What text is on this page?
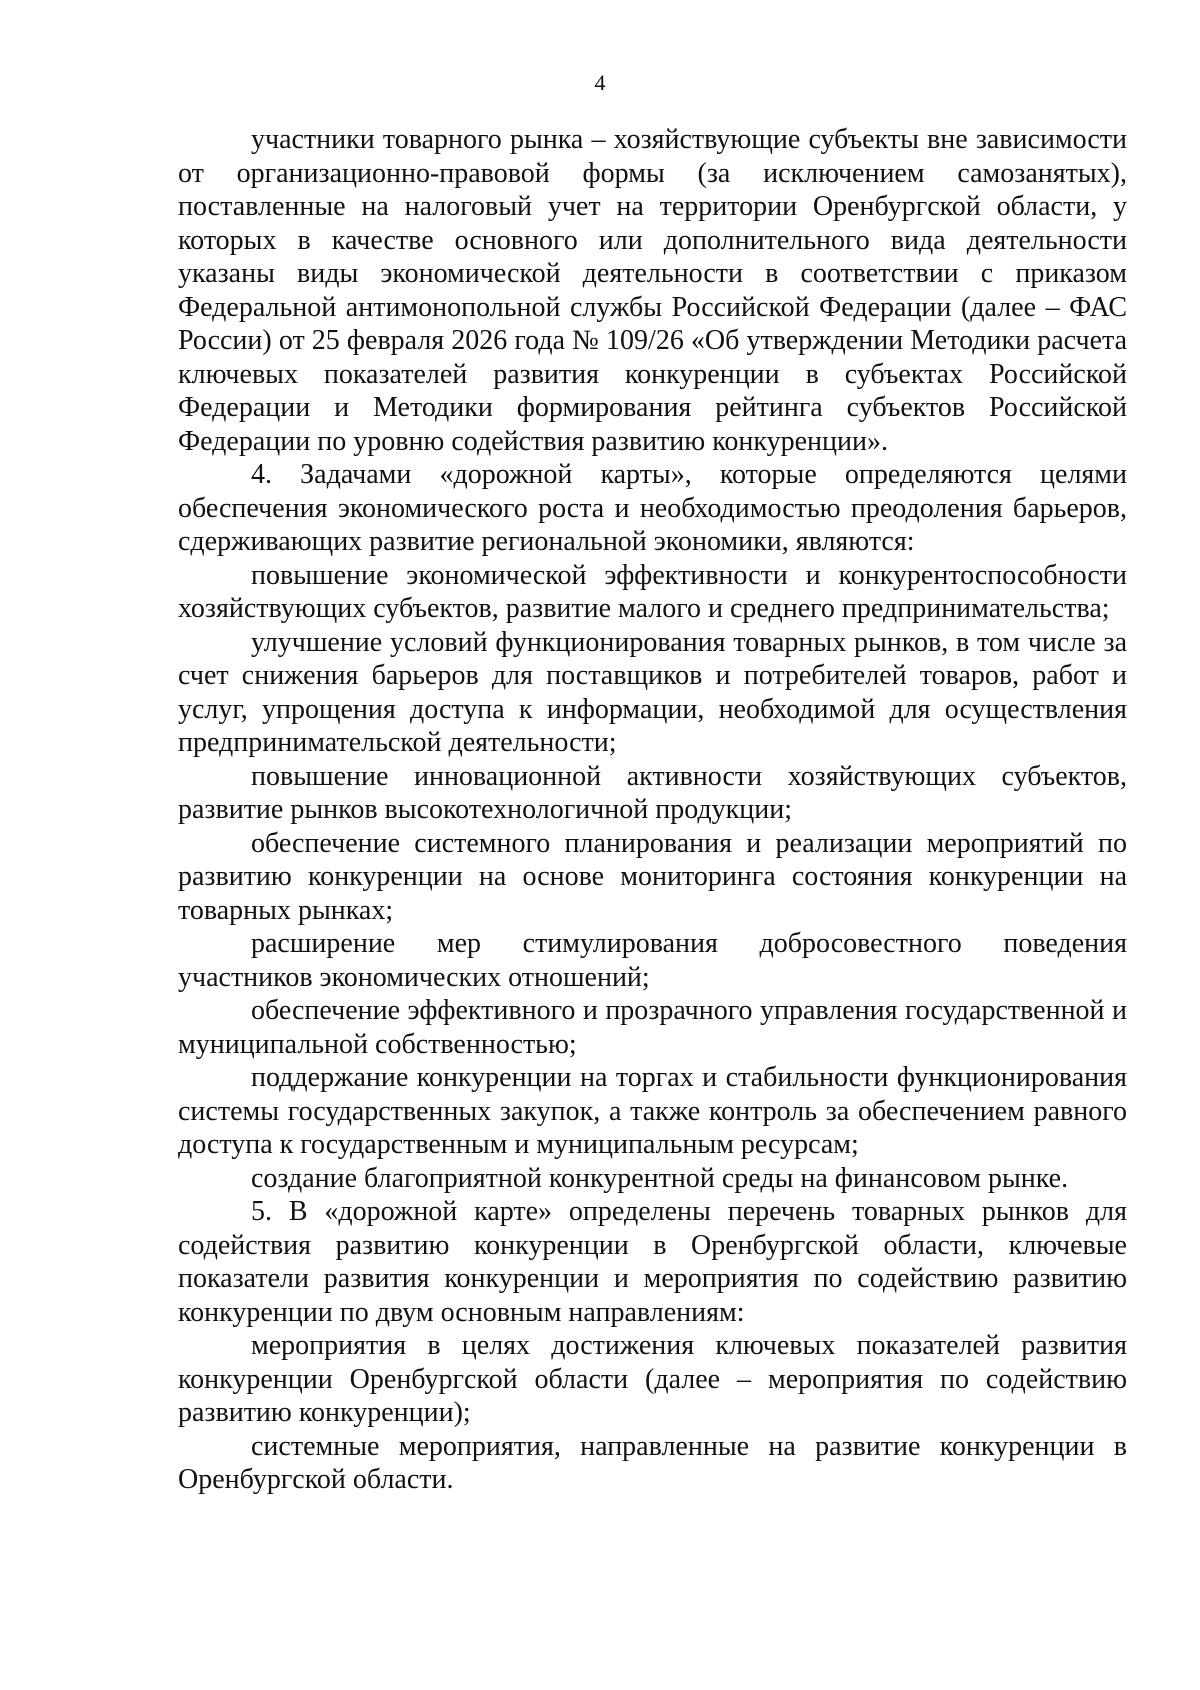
4

участники товарного рынка – хозяйствующие субъекты вне зависимости от организационно-правовой формы (за исключением самозанятых), поставленные на налоговый учет на территории Оренбургской области, у которых в качестве основного или дополнительного вида деятельности указаны виды экономической деятельности в соответствии с приказом Федеральной антимонопольной службы Российской Федерации (далее – ФАС России) от 25 февраля 2026 года № 109/26 «Об утверждении Методики расчета ключевых показателей развития конкуренции в субъектах Российской Федерации и Методики формирования рейтинга субъектов Российской Федерации по уровню содействия развитию конкуренции».

4. Задачами «дорожной карты», которые определяются целями обеспечения экономического роста и необходимостью преодоления барьеров, сдерживающих развитие региональной экономики, являются:

повышение экономической эффективности и конкурентоспособности хозяйствующих субъектов, развитие малого и среднего предпринимательства;

улучшение условий функционирования товарных рынков, в том числе за счет снижения барьеров для поставщиков и потребителей товаров, работ и услуг, упрощения доступа к информации, необходимой для осуществления предпринимательской деятельности;

повышение инновационной активности хозяйствующих субъектов, развитие рынков высокотехнологичной продукции;

обеспечение системного планирования и реализации мероприятий по развитию конкуренции на основе мониторинга состояния конкуренции на товарных рынках;

расширение мер стимулирования добросовестного поведения участников экономических отношений;

обеспечение эффективного и прозрачного управления государственной и муниципальной собственностью;

поддержание конкуренции на торгах и стабильности функционирования системы государственных закупок, а также контроль за обеспечением равного доступа к государственным и муниципальным ресурсам;

создание благоприятной конкурентной среды на финансовом рынке.

5. В «дорожной карте» определены перечень товарных рынков для содействия развитию конкуренции в Оренбургской области, ключевые показатели развития конкуренции и мероприятия по содействию развитию конкуренции по двум основным направлениям:

мероприятия в целях достижения ключевых показателей развития конкуренции Оренбургской области (далее – мероприятия по содействию развитию конкуренции);

системные мероприятия, направленные на развитие конкуренции в Оренбургской области.
